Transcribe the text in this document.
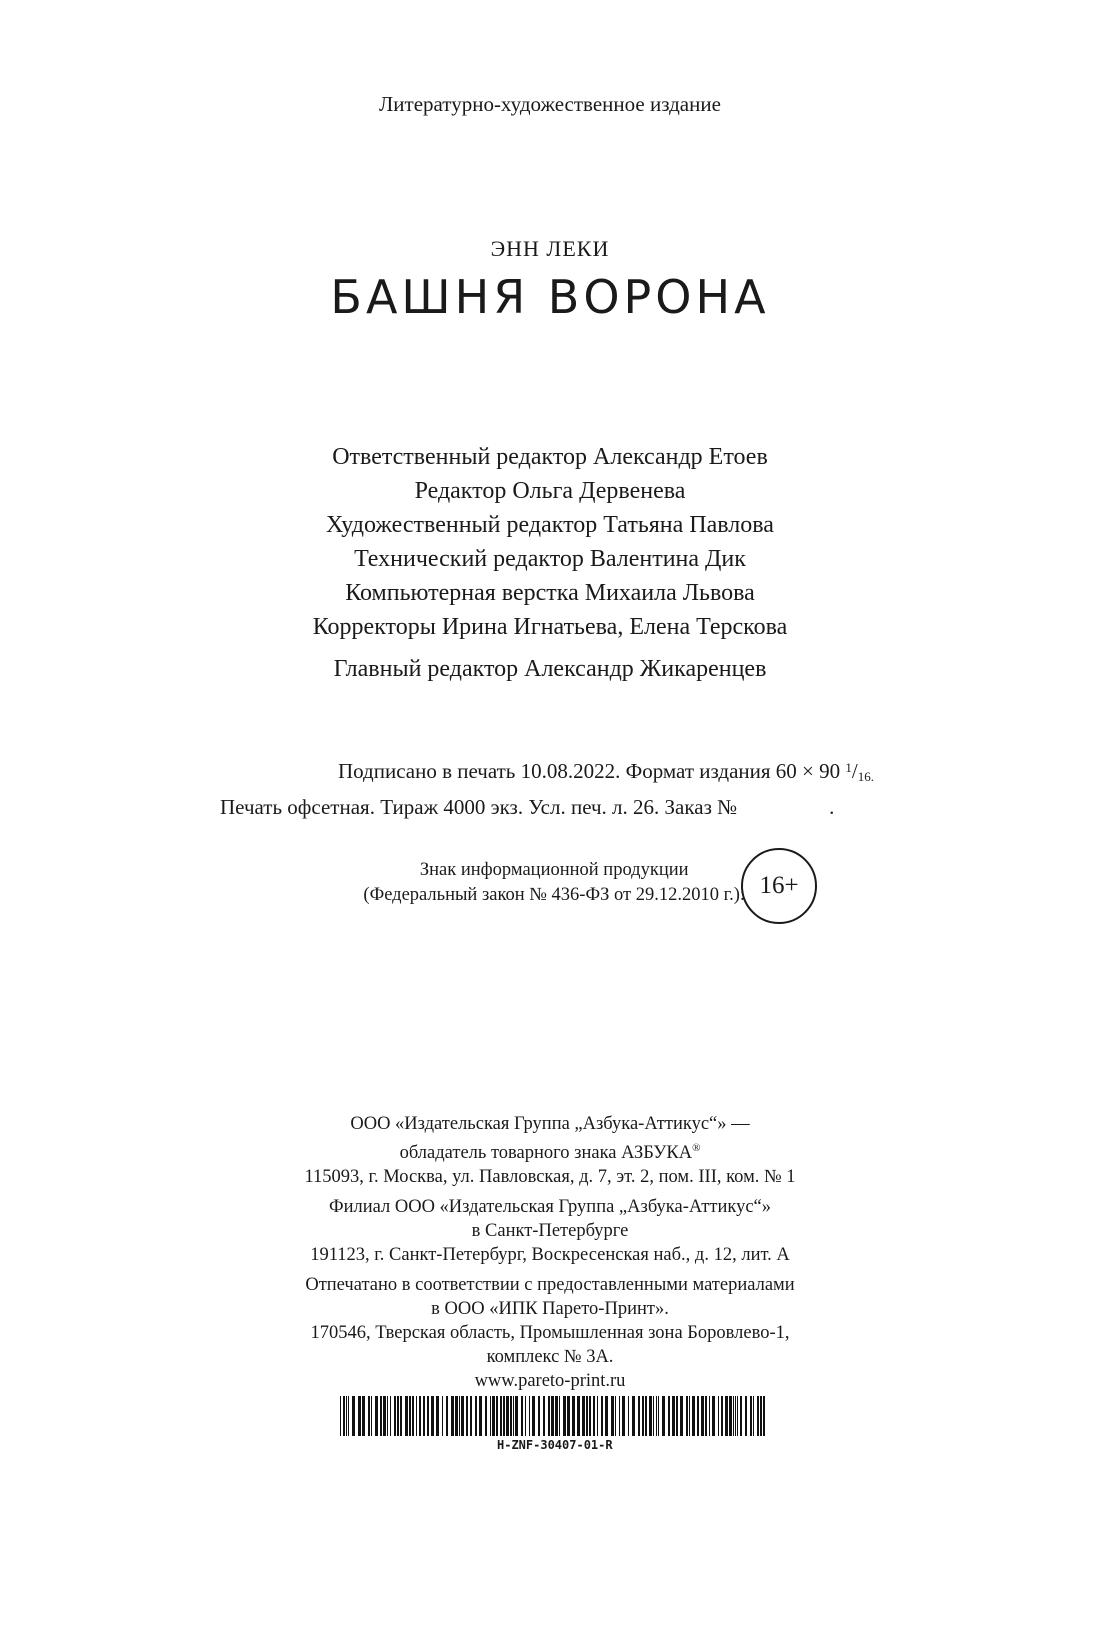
Литературно-художественное издание
ЭНН ЛЕКИ
БАШНЯ ВОРОНА
Ответственный редактор Александр Етоев
Редактор Ольга Дервенева
Художественный редактор Татьяна Павлова
Технический редактор Валентина Дик
Компьютерная верстка Михаила Львова
Корректоры Ирина Игнатьева, Елена Терскова
Главный редактор Александр Жикаренцев
Подписано в печать 10.08.2022. Формат издания 60 × 90 $^1$/16.
Печать офсетная. Тираж 4000 экз. Усл. печ. л. 26. Заказ №	.
Знак информационной продукции
(Федеральный закон № 436-ФЗ от 29.12.2010 г.): 16+
ООО «Издательская Группа „Азбука-Аттикус“» —
обладатель товарного знака АЗБУКА®
115093, г. Москва, ул. Павловская, д. 7, эт. 2, пом. III, ком. № 1
Филиал ООО «Издательская Группа „Азбука-Аттикус“»
в Санкт-Петербурге
191123, г. Санкт-Петербург, Воскресенская наб., д. 12, лит. А
Отпечатано в соответствии с предоставленными материалами
в ООО «ИПК Парето-Принт».
170546, Тверская область, Промышленная зона Боровлево-1,
комплекс № 3А.
www.pareto-print.ru
H-ZNF-30407-01-R
